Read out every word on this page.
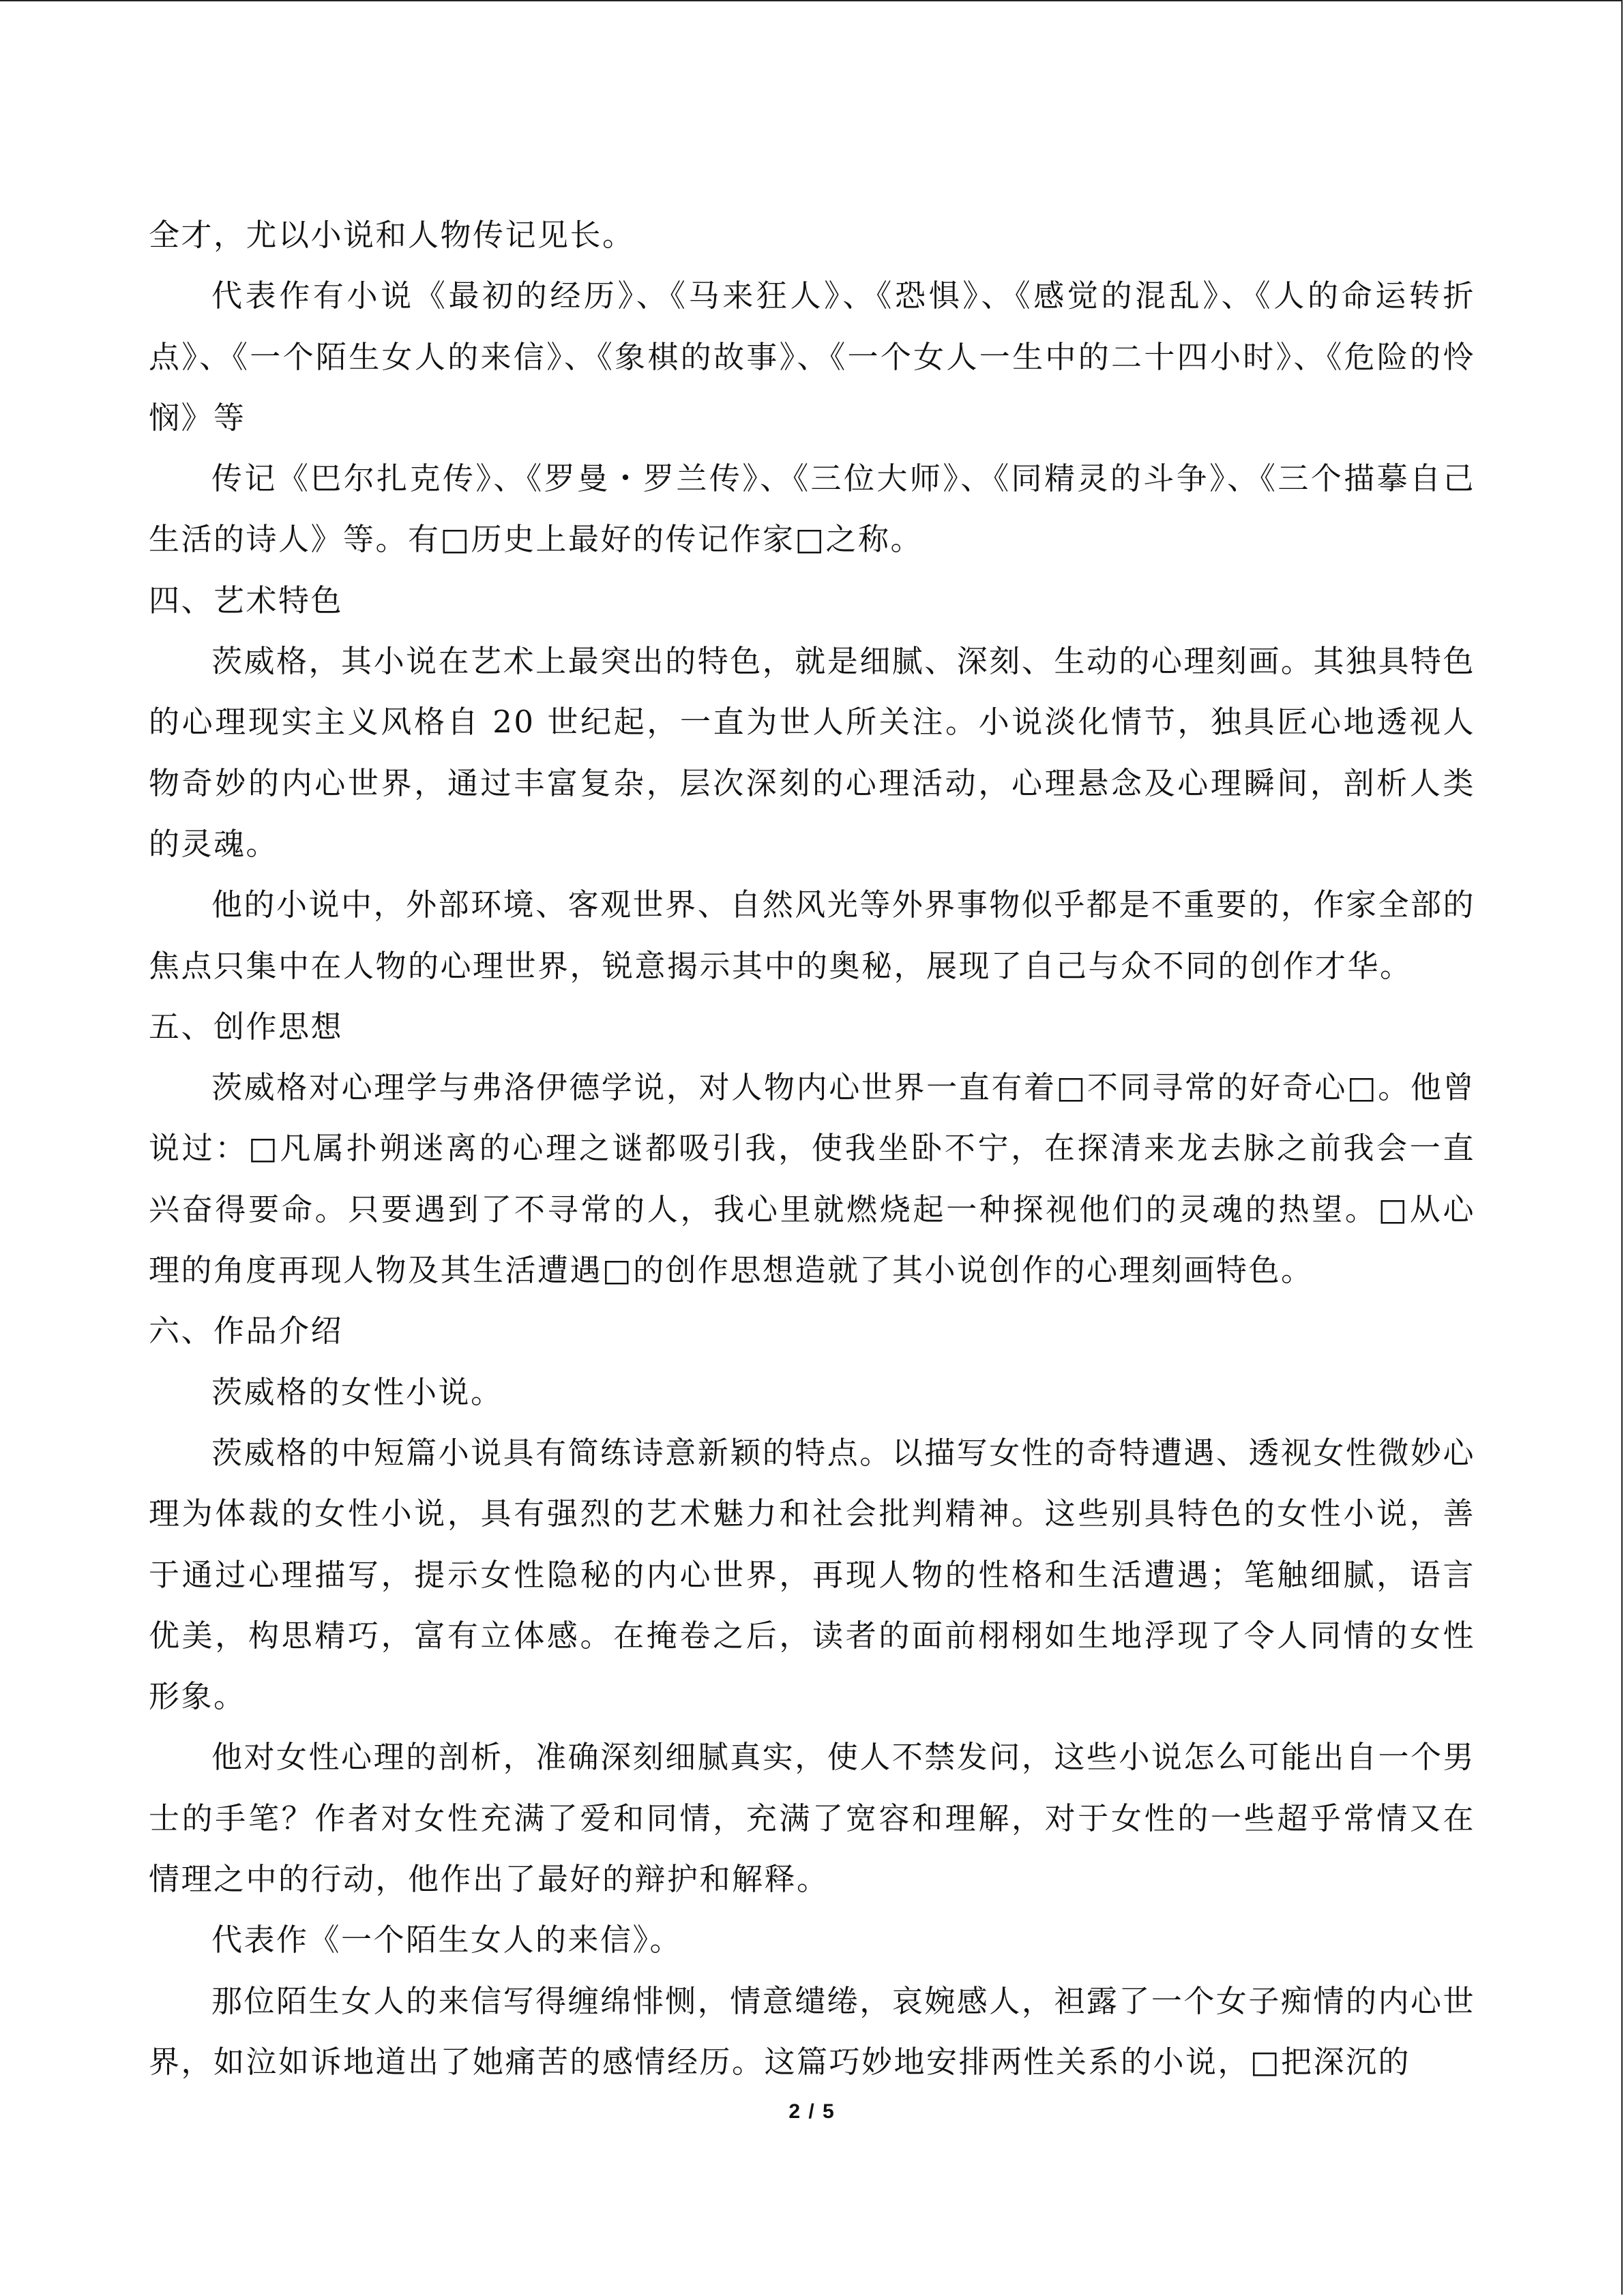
全才，尤以小说和人物传记见长。

代表作有小说《最初的经历》、《马来狂人》、《恐惧》、《感觉的混乱》、《人的命运转折点》、《一个陌生女人的来信》、《象棋的故事》、《一个女人一生中的二十四小时》、《危险的怜悯》等

传记《巴尔扎克传》、《罗曼・罗兰传》、《三位大师》、《同精灵的斗争》、《三个描摹自己生活的诗人》等。有□历史上最好的传记作家□之称。

四、艺术特色

茨威格，其小说在艺术上最突出的特色，就是细腻、深刻、生动的心理刻画。其独具特色的心理现实主义风格自 20 世纪起，一直为世人所关注。小说淡化情节，独具匠心地透视人物奇妙的内心世界，通过丰富复杂，层次深刻的心理活动，心理悬念及心理瞬间，剖析人类的灵魂。

他的小说中，外部环境、客观世界、自然风光等外界事物似乎都是不重要的，作家全部的焦点只集中在人物的心理世界，锐意揭示其中的奥秘，展现了自己与众不同的创作才华。

五、创作思想

茨威格对心理学与弗洛伊德学说，对人物内心世界一直有着□不同寻常的好奇心□。他曾说过：□凡属扑朔迷离的心理之谜都吸引我，使我坐卧不宁，在探清来龙去脉之前我会一直兴奋得要命。只要遇到了不寻常的人，我心里就燃烧起一种探视他们的灵魂的热望。□从心理的角度再现人物及其生活遭遇□的创作思想造就了其小说创作的心理刻画特色。

六、作品介绍

茨威格的女性小说。

茨威格的中短篇小说具有简练诗意新颖的特点。以描写女性的奇特遭遇、透视女性微妙心理为体裁的女性小说，具有强烈的艺术魅力和社会批判精神。这些别具特色的女性小说，善于通过心理描写，提示女性隐秘的内心世界，再现人物的性格和生活遭遇；笔触细腻，语言优美，构思精巧，富有立体感。在掩卷之后，读者的面前栩栩如生地浮现了令人同情的女性形象。

他对女性心理的剖析，准确深刻细腻真实，使人不禁发问，这些小说怎么可能出自一个男士的手笔？作者对女性充满了爱和同情，充满了宽容和理解，对于女性的一些超乎常情又在情理之中的行动，他作出了最好的辩护和解释。

代表作《一个陌生女人的来信》。

那位陌生女人的来信写得缠绵悱恻，情意缱绻，哀婉感人，袒露了一个女子痴情的内心世界，如泣如诉地道出了她痛苦的感情经历。这篇巧妙地安排两性关系的小说，□把深沉的

2 / 5
